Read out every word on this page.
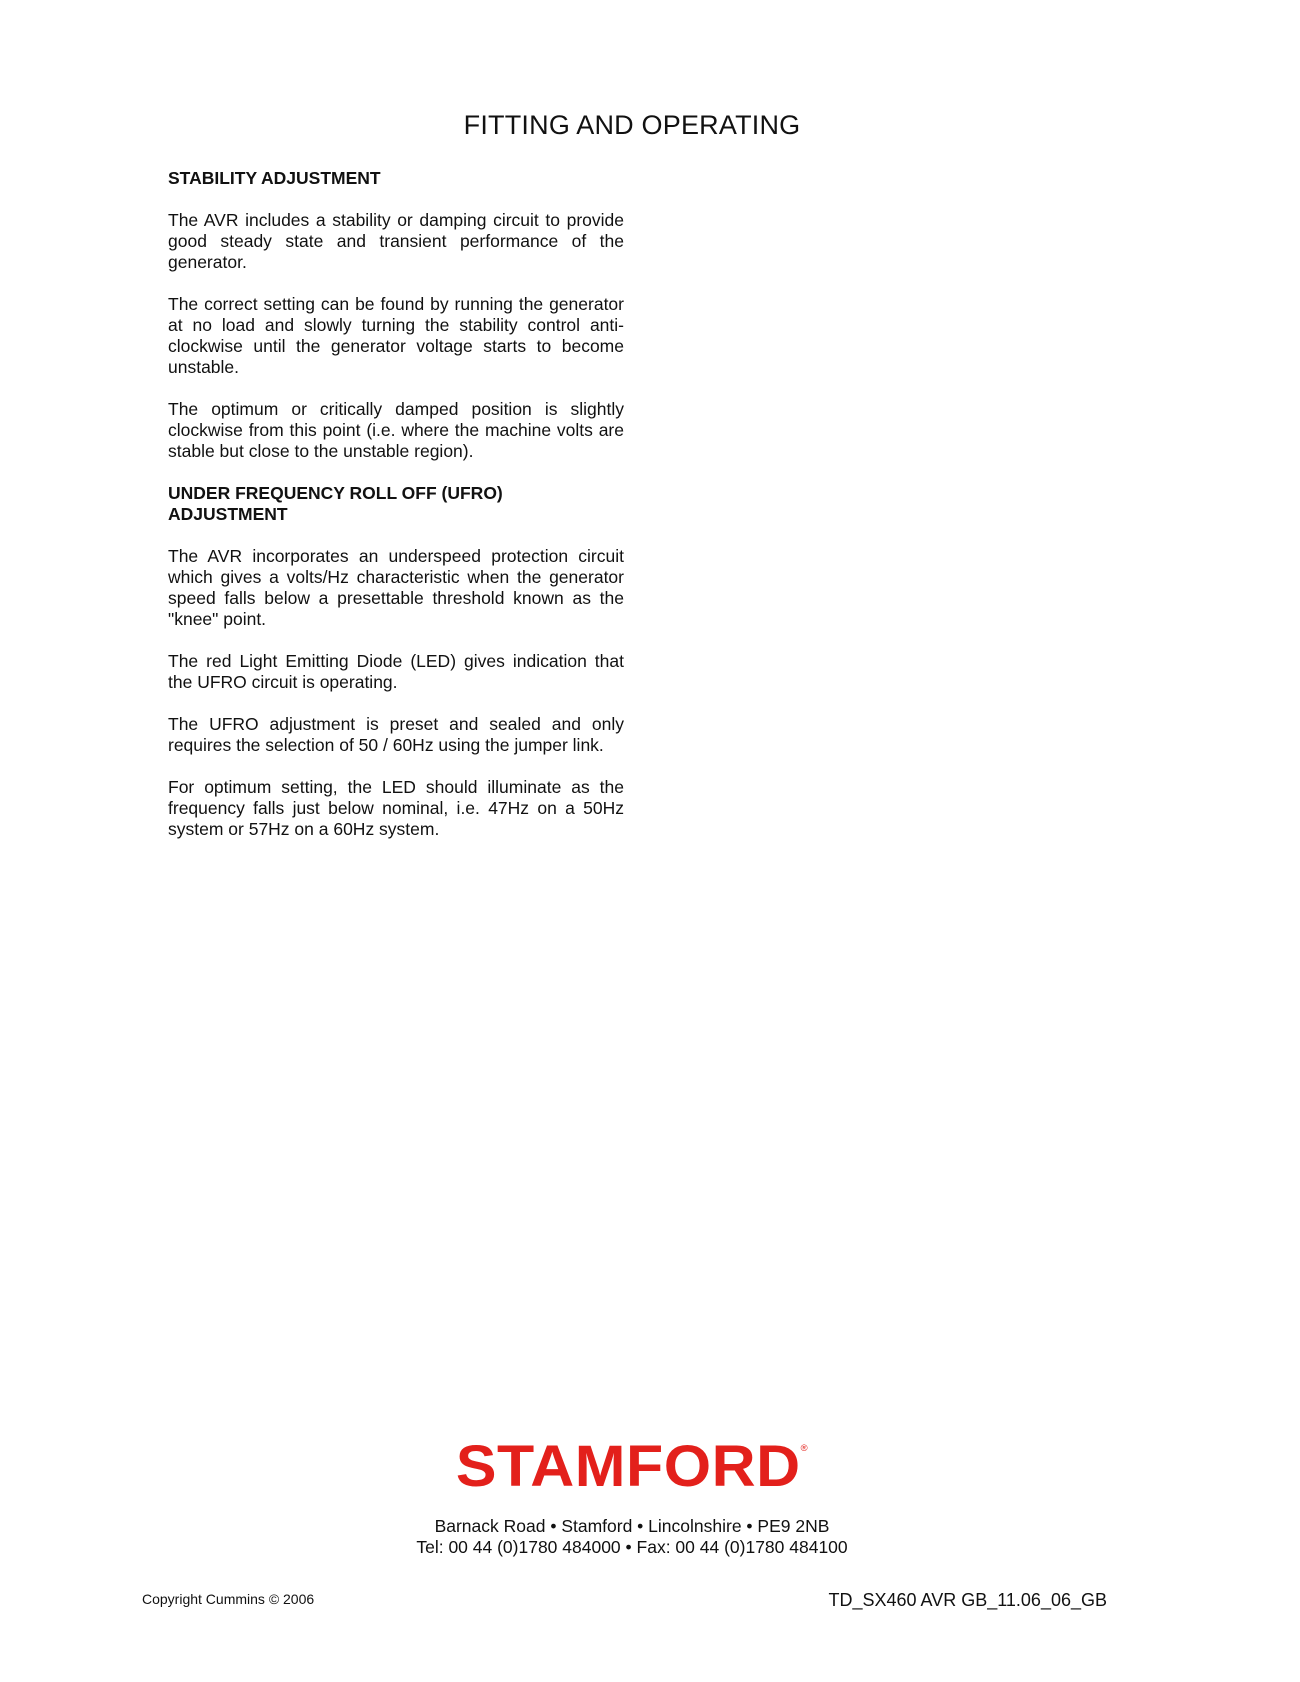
FITTING AND OPERATING

STABILITY ADJUSTMENT

The AVR includes a stability or damping circuit to provide good steady state and transient performance of the generator.

The correct setting can be found by running the generator at no load and slowly turning the stability control anti-clockwise until the generator voltage starts to become unstable.

The optimum or critically damped position is slightly clockwise from this point (i.e. where the machine volts are stable but close to the unstable region).

UNDER FREQUENCY ROLL OFF (UFRO)
ADJUSTMENT

The AVR incorporates an underspeed protection circuit which gives a volts/Hz characteristic when the generator speed falls below a presettable threshold known as the "knee" point.

The red Light Emitting Diode (LED) gives indication that the UFRO circuit is operating.

The UFRO adjustment is preset and sealed and only requires the selection of 50 / 60Hz using the jumper link.

For optimum setting, the LED should illuminate as the frequency falls just below nominal, i.e. 47Hz on a 50Hz system or 57Hz on a 60Hz system.

STAMFORD®
Barnack Road • Stamford • Lincolnshire • PE9 2NB
Tel: 00 44 (0)1780 484000 • Fax: 00 44 (0)1780 484100
Copyright Cummins © 2006	TD_SX460 AVR GB_11.06_06_GB
